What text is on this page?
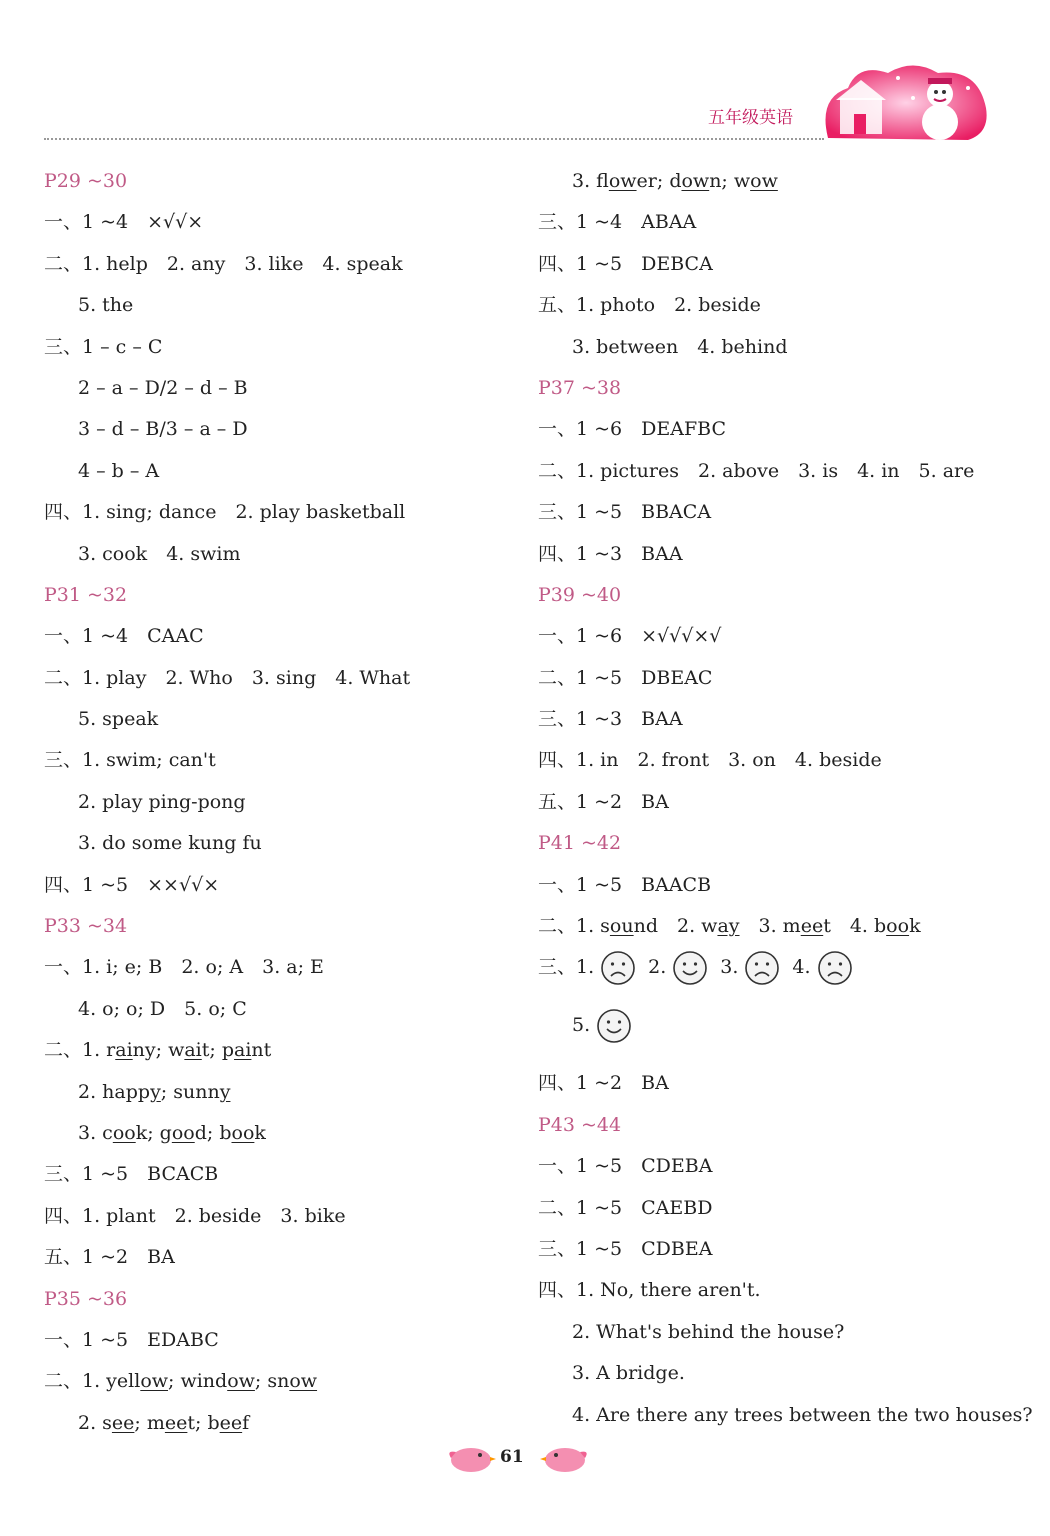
五年级英语
P29 ~30
一、1 ~4　×√√×
二、1. help　2. any　3. like　4. speak
5. the
三、1 – c – C
2 – a – D/2 – d – B
3 – d – B/3 – a – D
4 – b – A
四、1. sing; dance　2. play basketball
3. cook　4. swim
P31 ~32
一、1 ~4　CAAC
二、1. play　2. Who　3. sing　4. What
5. speak
三、1. swim; can't
2. play ping-pong
3. do some kung fu
四、1 ~5　××√√×
P33 ~34
一、1. i; e; B　2. o; A　3. a; E
4. o; o; D　5. o; C
二、1. rainy; wait; paint
2. happy; sunny
3. cook; good; book
三、1 ~5　BCACB
四、1. plant　2. beside　3. bike
五、1 ~2　BA
P35 ~36
一、1 ~5　EDABC
二、1. yellow; window; snow
2. see; meet; beef
3. flower; down; wow
三、1 ~4　ABAA
四、1 ~5　DEBCA
五、1. photo　2. beside
3. between　4. behind
P37 ~38
一、1 ~6　DEAFBC
二、1. pictures　2. above　3. is　4. in　5. are
三、1 ~5　BBACA
四、1 ~3　BAA
P39 ~40
一、1 ~6　×√√√×√
二、1 ~5　DBEAC
三、1 ~3　BAA
四、1. in　2. front　3. on　4. beside
五、1 ~2　BA
P41 ~42
一、1 ~5　BAACB
二、1. sound　2. way　3. meet　4. book
三、1.	2.	3.	4.
5.
四、1 ~2　BA
P43 ~44
一、1 ~5　CDEBA
二、1 ~5　CAEBD
三、1 ~5　CDBEA
四、1. No, there aren't.
2. What's behind the house?
3. A bridge.
4. Are there any trees between the two houses?
61
